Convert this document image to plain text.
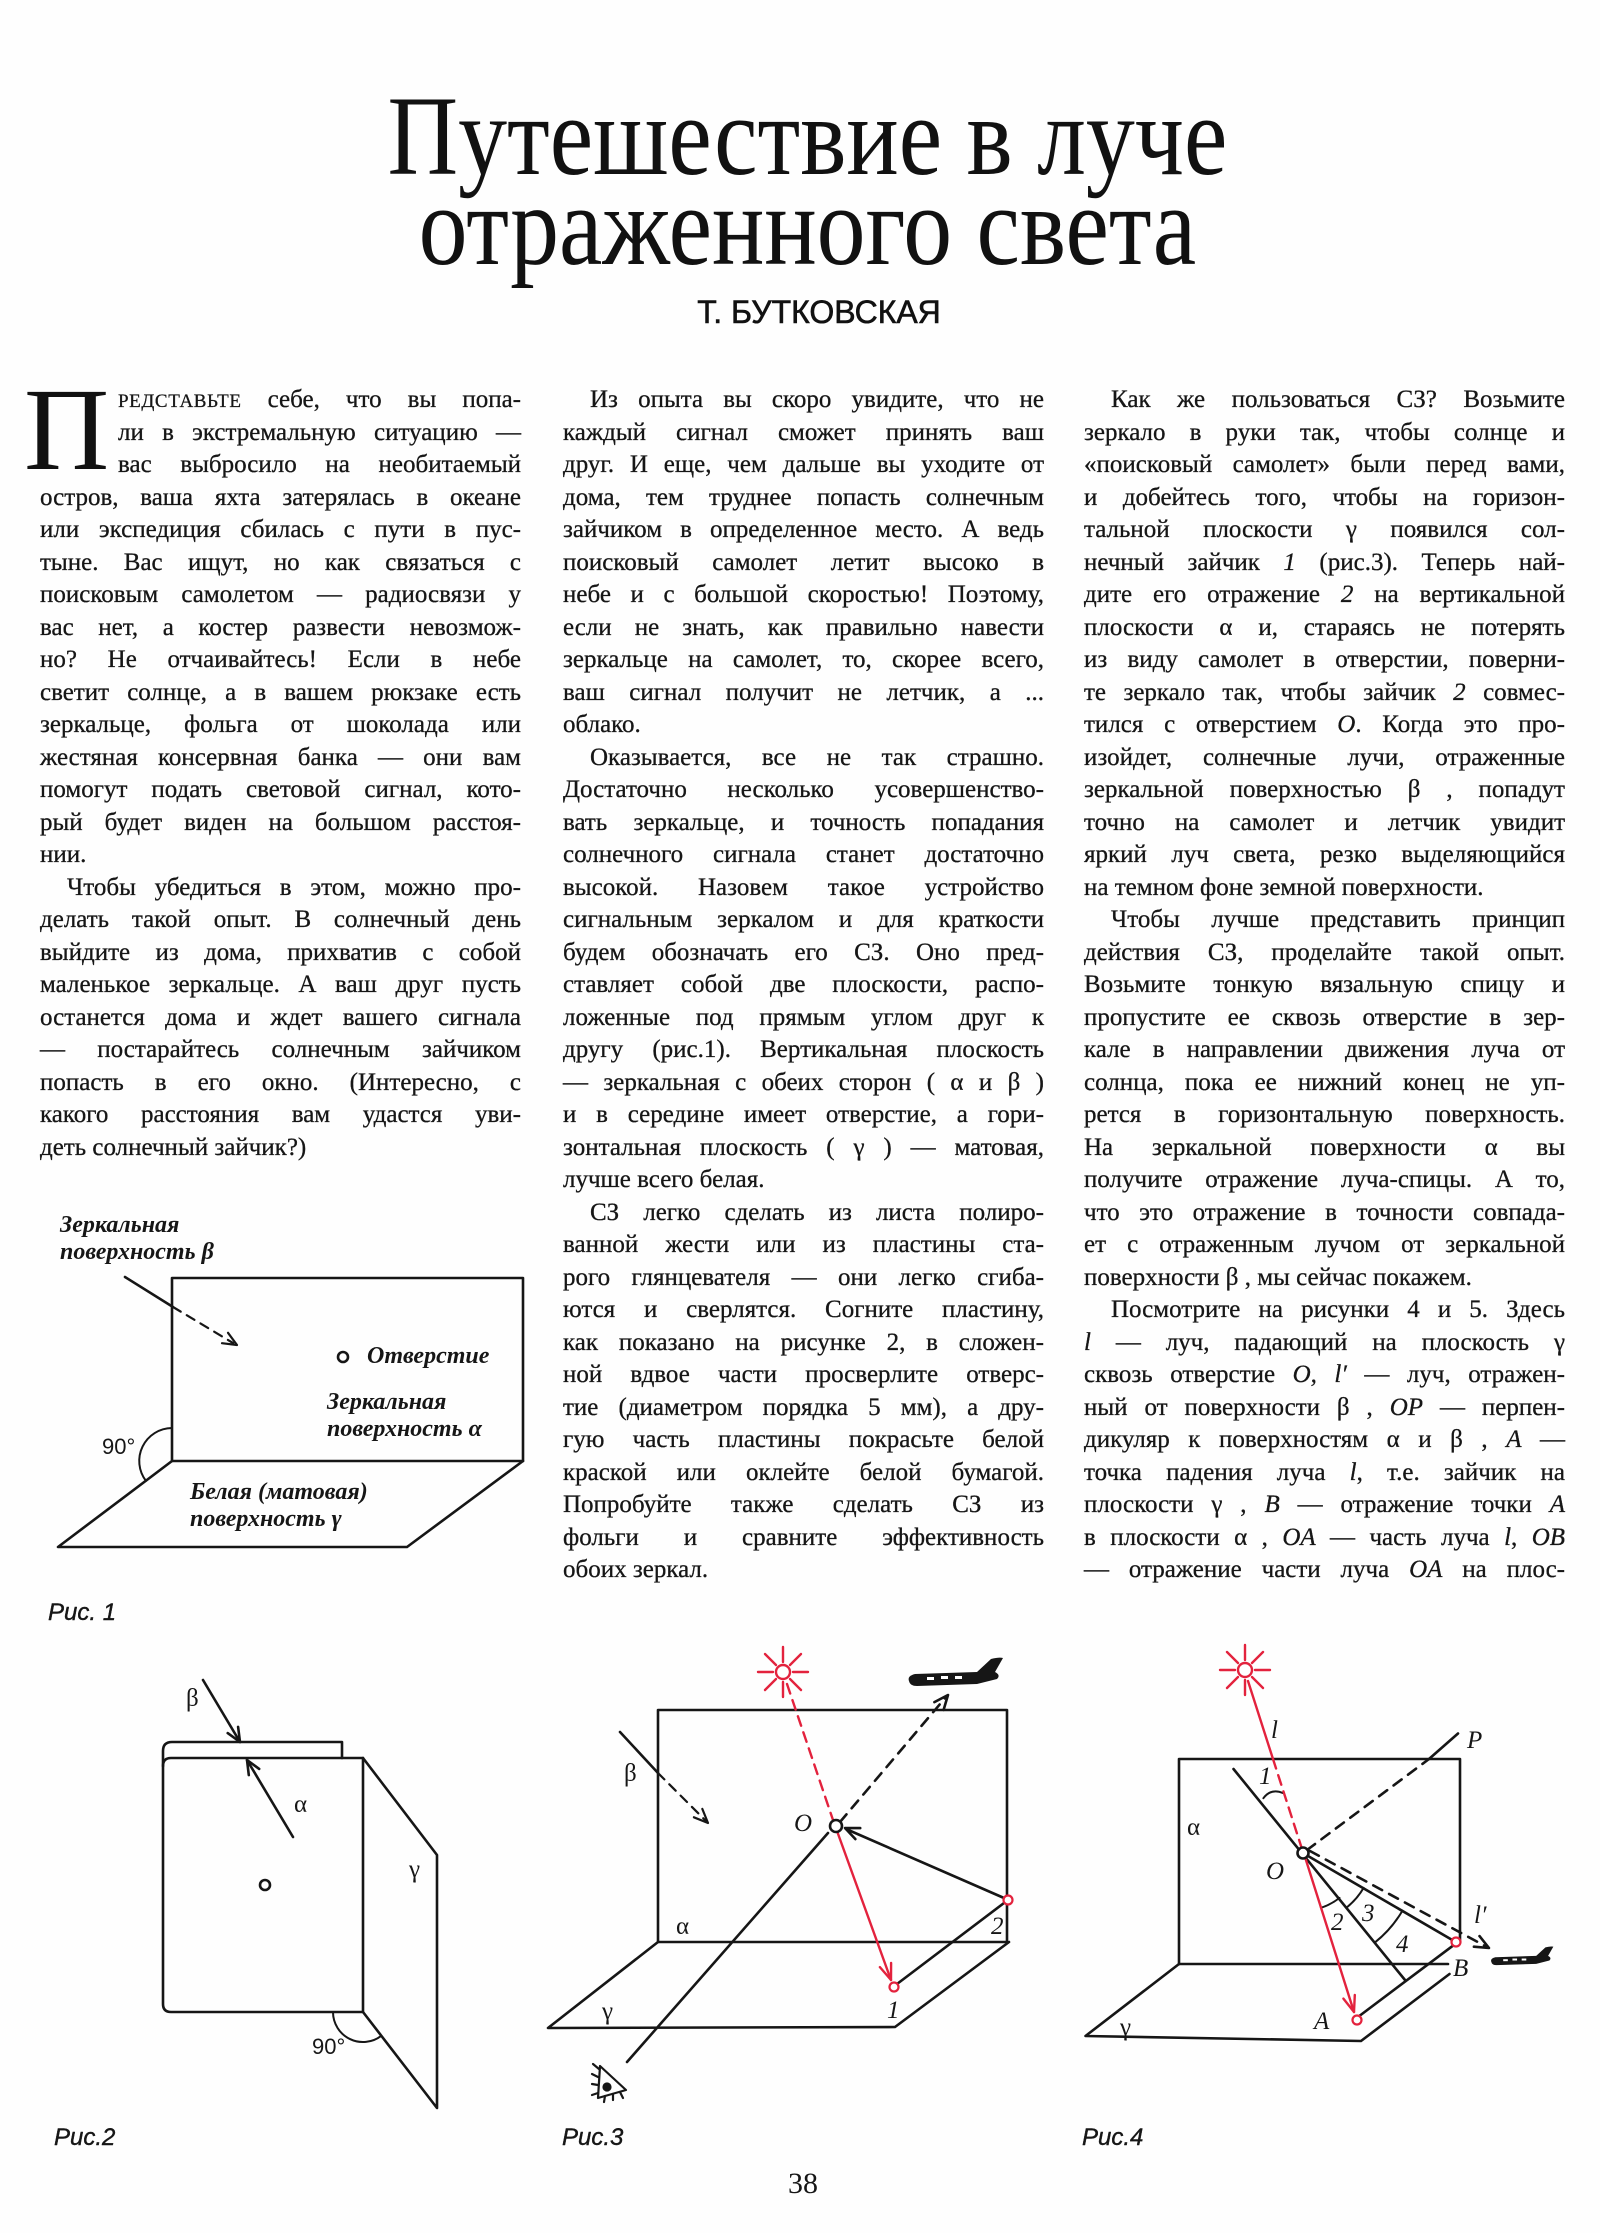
Путешествие в луче
отраженного света
Т. БУТКОВСКАЯ
П РЕДСТАВЬТЕ себе, что вы попа-
ли в экстремальную ситуацию —
вас выбросило на необитаемый
остров, ваша яхта затерялась в океане
или экспедиция сбилась с пути в пус-
тыне. Вас ищут, но как связаться с
поисковым самолетом — радиосвязи у
вас нет, а костер развести невозмож-
но? Не отчаивайтесь! Если в небе
светит солнце, а в вашем рюкзаке есть
зеркальце, фольга от шоколада или
жестяная консервная банка — они вам
помогут подать световой сигнал, кото-
рый будет виден на большом расстоя-
нии.
Чтобы убедиться в этом, можно про-
делать такой опыт. В солнечный день
выйдите из дома, прихватив с собой
маленькое зеркальце. А ваш друг пусть
останется дома и ждет вашего сигнала
— постарайтесь солнечным зайчиком
попасть в его окно. (Интересно, с
какого расстояния вам удастся уви-
деть солнечный зайчик?)
Из опыта вы скоро увидите, что не
каждый сигнал сможет принять ваш
друг. И еще, чем дальше вы уходите от
дома, тем труднее попасть солнечным
зайчиком в определенное место. А ведь
поисковый самолет летит высоко в
небе и с большой скоростью! Поэтому,
если не знать, как правильно навести
зеркальце на самолет, то, скорее всего,
ваш сигнал получит не летчик, а ...
облако.
Оказывается, все не так страшно.
Достаточно несколько усовершенство-
вать зеркальце, и точность попадания
солнечного сигнала станет достаточно
высокой. Назовем такое устройство
сигнальным зеркалом и для краткости
будем обозначать его СЗ. Оно пред-
ставляет собой две плоскости, распо-
ложенные под прямым углом друг к
другу (рис.1). Вертикальная плоскость
— зеркальная с обеих сторон ( α и β )
и в середине имеет отверстие, а гори-
зонтальная плоскость ( γ ) — матовая,
лучше всего белая.
СЗ легко сделать из листа полиро-
ванной жести или из пластины ста-
рого глянцевателя — они легко сгиба-
ются и сверлятся. Согните пластину,
как показано на рисунке 2, в сложен-
ной вдвое части просверлите отверс-
тие (диаметром порядка 5 мм), а дру-
гую часть пластины покрасьте белой
краской или оклейте белой бумагой.
Попробуйте также сделать СЗ из
фольги и сравните эффективность
обоих зеркал.
Как же пользоваться СЗ? Возьмите
зеркало в руки так, чтобы солнце и
«поисковый самолет» были перед вами,
и добейтесь того, чтобы на горизон-
тальной плоскости γ появился сол-
нечный зайчик 1 (рис.3). Теперь най-
дите его отражение 2 на вертикальной
плоскости α и, стараясь не потерять
из виду самолет в отверстии, поверни-
те зеркало так, чтобы зайчик 2 совмес-
тился с отверстием О. Когда это про-
изойдет, солнечные лучи, отраженные
зеркальной поверхностью β , попадут
точно на самолет и летчик увидит
яркий луч света, резко выделяющийся
на темном фоне земной поверхности.
Чтобы лучше представить принцип
действия СЗ, проделайте такой опыт.
Возьмите тонкую вязальную спицу и
пропустите ее сквозь отверстие в зер-
кале в направлении движения луча от
солнца, пока ее нижний конец не уп-
рется в горизонтальную поверхность.
На зеркальной поверхности α вы
получите отражение луча-спицы. А то,
что это отражение в точности совпада-
ет с отраженным лучом от зеркальной
поверхности β , мы сейчас покажем.
Посмотрите на рисунки 4 и 5. Здесь
l — луч, падающий на плоскость γ
сквозь отверстие О, l′ — луч, отражен-
ный от поверхности β , OP — перпен-
дикуляр к поверхностям α и β , A —
точка падения луча l, т.е. зайчик на
плоскости γ , B — отражение точки A
в плоскости α , OA — часть луча l, OB
— отражение части луча OA на плос-
Зеркальная
поверхность β
Отверстие
Зеркальная
поверхность α
90°
Белая (матовая)
поверхность γ
Рис. 1
β
α
γ
90°
Рис.2
β
O
α
γ	1
2
Рис.3
l	P
1
α
O
2 3
4
l′
B
A
γ
Рис.4
38
